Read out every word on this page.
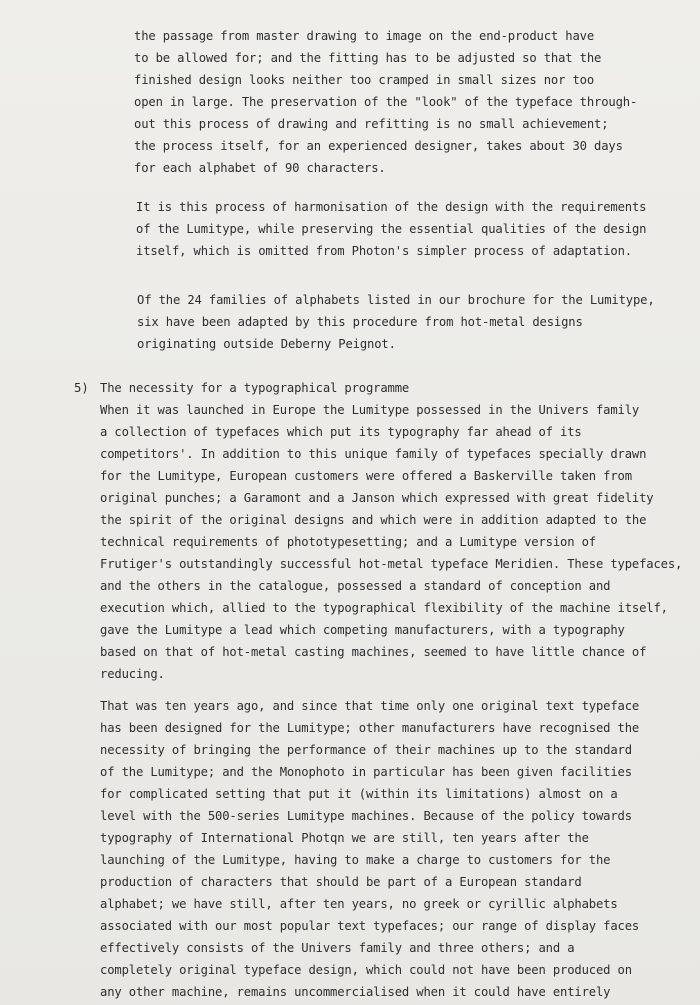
the passage from master drawing to image on the end-product have
to be allowed for; and the fitting has to be adjusted so that the
finished design looks neither too cramped in small sizes nor too
open in large. The preservation of the "look" of the typeface through-
out this process of drawing and refitting is no small achievement;
the process itself, for an experienced designer, takes about 30 days
for each alphabet of 90 characters.
It is this process of harmonisation of the design with the requirements
of the Lumitype, while preserving the essential qualities of the design
itself, which is omitted from Photon's simpler process of adaptation.
Of the 24 families of alphabets listed in our brochure for the Lumitype,
six have been adapted by this procedure from hot-metal designs
originating outside Deberny Peignot.
5) The necessity for a typographical programme
When it was launched in Europe the Lumitype possessed in the Univers family
a collection of typefaces which put its typography far ahead of its
competitors'. In addition to this unique family of typefaces specially drawn
for the Lumitype, European customers were offered a Baskerville taken from
original punches; a Garamont and a Janson which expressed with great fidelity
the spirit of the original designs and which were in addition adapted to the
technical requirements of phototypesetting; and a Lumitype version of
Frutiger's outstandingly successful hot-metal typeface Meridien. These typefaces,
and the others in the catalogue, possessed a standard of conception and
execution which, allied to the typographical flexibility of the machine itself,
gave the Lumitype a lead which competing manufacturers, with a typography
based on that of hot-metal casting machines, seemed to have little chance of
reducing.
That was ten years ago, and since that time only one original text typeface
has been designed for the Lumitype; other manufacturers have recognised the
necessity of bringing the performance of their machines up to the standard
of the Lumitype; and the Monophoto in particular has been given facilities
for complicated setting that put it (within its limitations) almost on a
level with the 500-series Lumitype machines. Because of the policy towards
typography of International Photqn we are still, ten years after the
launching of the Lumitype, having to make a charge to customers for the
production of characters that should be part of a European standard
alphabet; we have still, after ten years, no greek or cyrillic alphabets
associated with our most popular text typefaces; our range of display faces
effectively consists of the Univers family and three others; and a
completely original typeface design, which could not have been produced on
any other machine, remains uncommercialised when it could have entirely
